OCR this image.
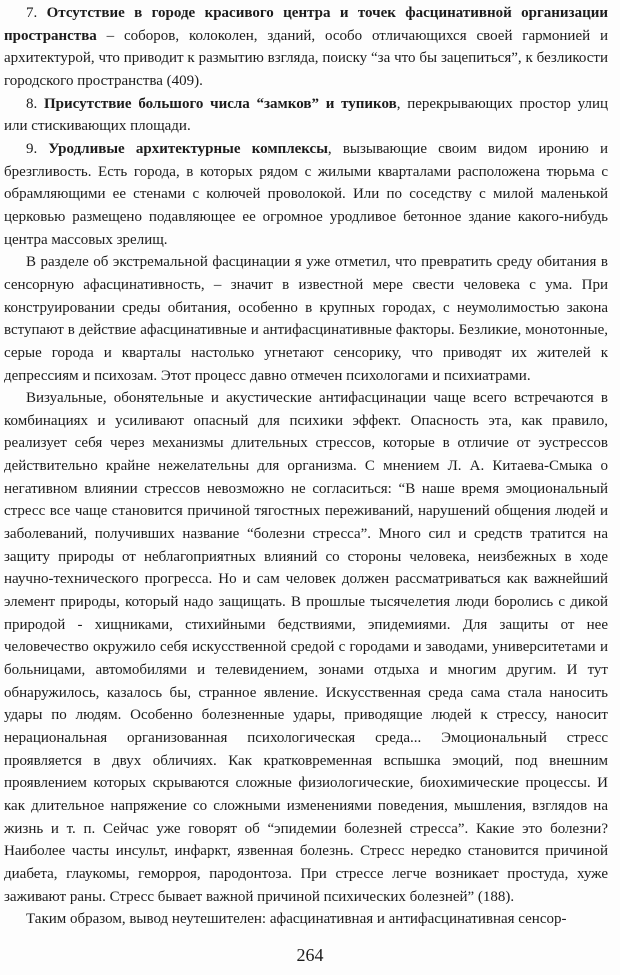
7. Отсутствие в городе красивого центра и точек фасцинативной организации пространства – соборов, колоколен, зданий, особо отличающихся своей гармонией и архитектурой, что приводит к размытию взгляда, поиску “за что бы зацепиться”, к безликости городского пространства (409).

8. Присутствие большого числа “замков” и тупиков, перекрывающих простор улиц или стискивающих площади.

9. Уродливые архитектурные комплексы, вызывающие своим видом иронию и брезгливость. Есть города, в которых рядом с жилыми кварталами расположена тюрьма с обрамляющими ее стенами с колючей проволокой. Или по соседству с милой маленькой церковью размещено подавляющее ее огромное уродливое бетонное здание какого-нибудь центра массовых зрелищ.

В разделе об экстремальной фасцинации я уже отметил, что превратить среду обитания в сенсорную афасцинативность, – значит в известной мере свести человека с ума. При конструировании среды обитания, особенно в крупных городах, с неумолимостью закона вступают в действие афасцинативные и антифасцинативные факторы. Безликие, монотонные, серые города и кварталы настолько угнетают сенсорику, что приводят их жителей к депрессиям и психозам. Этот процесс давно отмечен психологами и психиатрами.

Визуальные, обонятельные и акустические антифасцинации чаще всего встречаются в комбинациях и усиливают опасный для психики эффект. Опасность эта, как правило, реализует себя через механизмы длительных стрессов, которые в отличие от эустрессов действительно крайне нежелательны для организма. С мнением Л. А. Китаева-Смыка о негативном влиянии стрессов невозможно не согласиться: “В наше время эмоциональный стресс все чаще становится причиной тягостных переживаний, нарушений общения людей и заболеваний, получивших название “болезни стресса”. Много сил и средств тратится на защиту природы от неблагоприятных влияний со стороны человека, неизбежных в ходе научно-технического прогресса. Но и сам человек должен рассматриваться как важнейший элемент природы, который надо защищать. В прошлые тысячелетия люди боролись с дикой природой - хищниками, стихийными бедствиями, эпидемиями. Для защиты от нее человечество окружило себя искусственной средой с городами и заводами, университетами и больницами, автомобилями и телевидением, зонами отдыха и многим другим. И тут обнаружилось, казалось бы, странное явление. Искусственная среда сама стала наносить удары по людям. Особенно болезненные удары, приводящие людей к стрессу, наносит нерациональная организованная психологическая среда... Эмоциональный стресс проявляется в двух обличиях. Как кратковременная вспышка эмоций, под внешним проявлением которых скрываются сложные физиологические, биохимические процессы. И как длительное напряжение со сложными изменениями поведения, мышления, взглядов на жизнь и т. п. Сейчас уже говорят об “эпидемии болезней стресса”. Какие это болезни? Наиболее часты инсульт, инфаркт, язвенная болезнь. Стресс нередко становится причиной диабета, глаукомы, геморроя, пародонтоза. При стрессе легче возникает простуда, хуже заживают раны. Стресс бывает важной причиной психических болезней” (188).

Таким образом, вывод неутешителен: афасцинативная и антифасцинативная сенсор-

264
